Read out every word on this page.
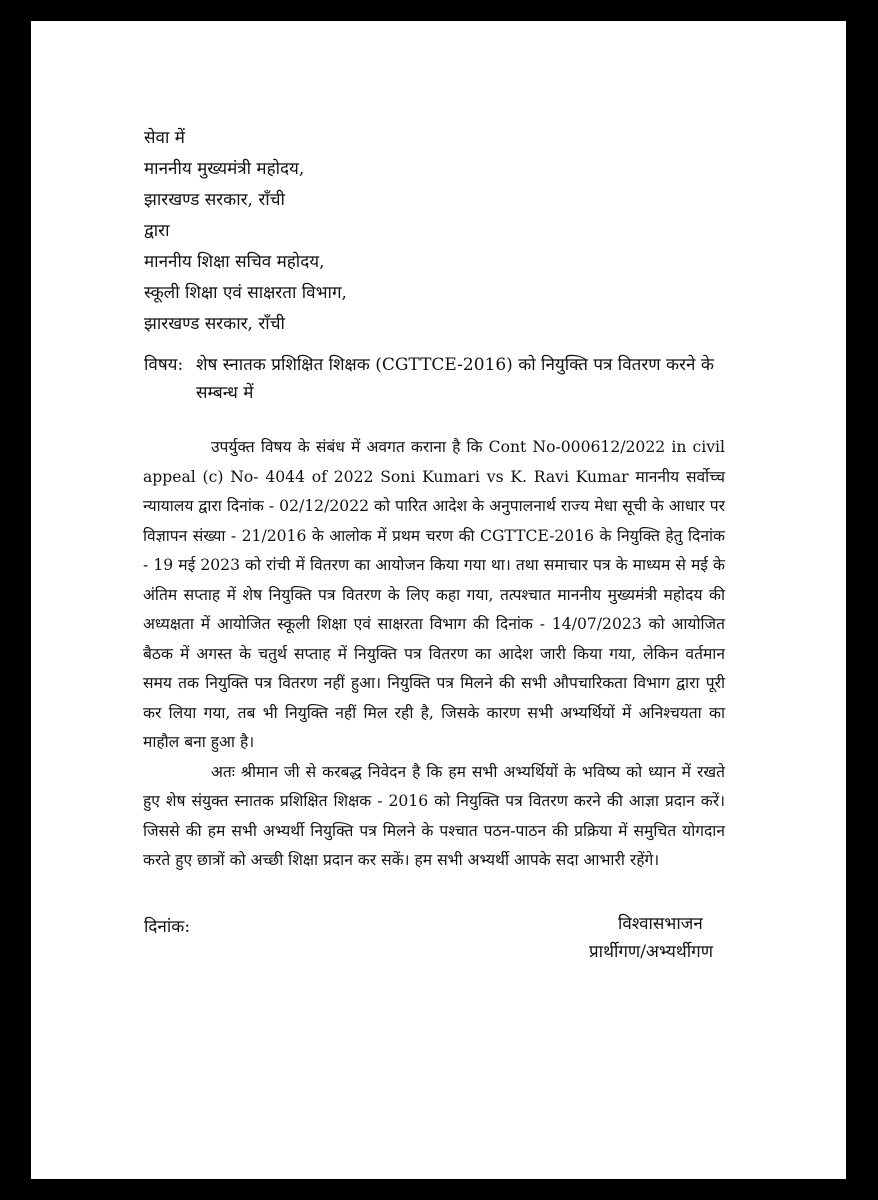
सेवा में
माननीय मुख्यमंत्री महोदय,
झारखण्ड सरकार, राँची
द्वारा
माननीय शिक्षा सचिव महोदय,
स्कूली शिक्षा एवं साक्षरता विभाग,
झारखण्ड सरकार, राँची
विषय: शेष स्नातक प्रशिक्षित शिक्षक (CGTTCE-2016) को नियुक्ति पत्र वितरण करने के सम्बन्ध में

उपर्युक्त विषय के संबंध में अवगत कराना है कि Cont No-000612/2022 in civil appeal (c) No- 4044 of 2022 Soni Kumari vs K. Ravi Kumar माननीय सर्वोच्च न्यायालय द्वारा दिनांक - 02/12/2022 को पारित आदेश के अनुपालनार्थ राज्य मेधा सूची के आधार पर विज्ञापन संख्या - 21/2016 के आलोक में प्रथम चरण की CGTTCE-2016 के नियुक्ति हेतु दिनांक - 19 मई 2023 को रांची में वितरण का आयोजन किया गया था। तथा समाचार पत्र के माध्यम से मई के अंतिम सप्ताह में शेष नियुक्ति पत्र वितरण के लिए कहा गया, तत्पश्चात माननीय मुख्यमंत्री महोदय की अध्यक्षता में आयोजित स्कूली शिक्षा एवं साक्षरता विभाग की दिनांक - 14/07/2023 को आयोजित बैठक में अगस्त के चतुर्थ सप्ताह में नियुक्ति पत्र वितरण का आदेश जारी किया गया, लेकिन वर्तमान समय तक नियुक्ति पत्र वितरण नहीं हुआ। नियुक्ति पत्र मिलने की सभी औपचारिकता विभाग द्वारा पूरी कर लिया गया, तब भी नियुक्ति नहीं मिल रही है, जिसके कारण सभी अभ्यर्थियों में अनिश्चयता का माहौल बना हुआ है।

अतः श्रीमान जी से करबद्ध निवेदन है कि हम सभी अभ्यर्थियों के भविष्य को ध्यान में रखते हुए शेष संयुक्त स्नातक प्रशिक्षित शिक्षक - 2016 को नियुक्ति पत्र वितरण करने की आज्ञा प्रदान करें। जिससे की हम सभी अभ्यर्थी नियुक्ति पत्र मिलने के पश्चात पठन-पाठन की प्रक्रिया में समुचित योगदान करते हुए छात्रों को अच्छी शिक्षा प्रदान कर सकें। हम सभी अभ्यर्थी आपके सदा आभारी रहेंगे।

दिनांक:	विश्वासभाजन
प्रार्थीगण/अभ्यर्थीगण
